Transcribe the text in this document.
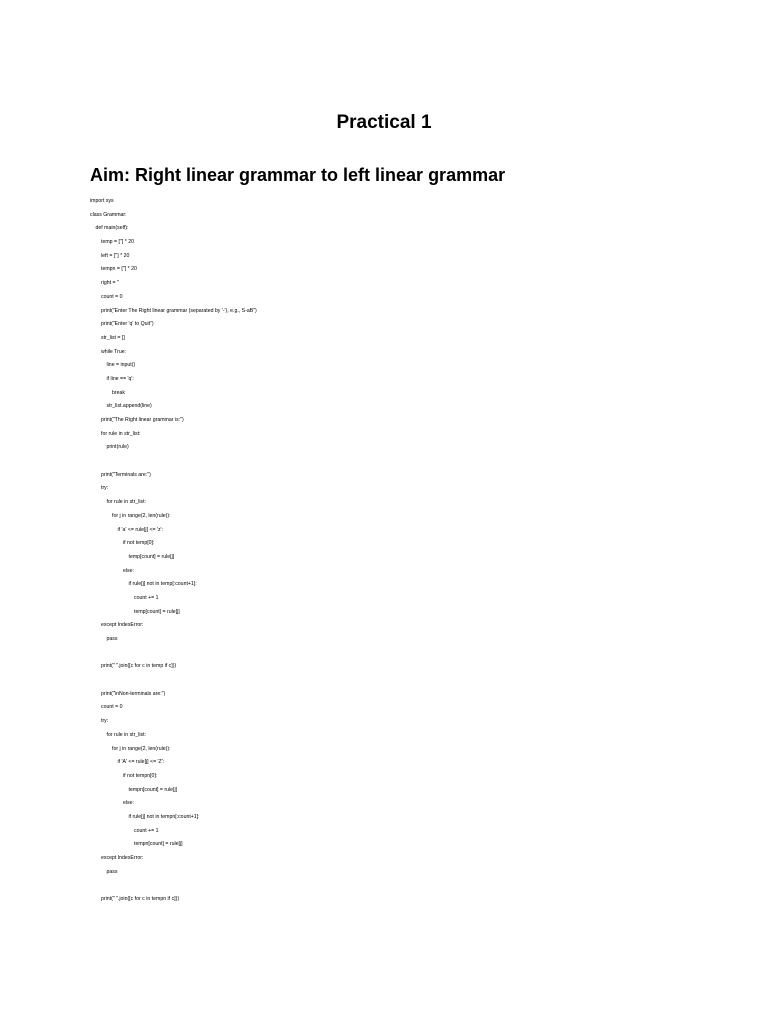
Practical 1
Aim: Right linear grammar to left linear grammar
import sys
class Grammar:
def main(self):
temp = [''] * 20
left = [''] * 20
tempn = [''] * 20
right = ''
count = 0
print("Enter The Right linear grammar (separated by '-'), e.g., S-aB")
print("Enter 'q' to Quit")
str_list = []
while True:
line = input()
if line == 'q':
break
str_list.append(line)
print("The Right linear grammar is:")
for rule in str_list:
print(rule)
print("Terminals are:")
try:
for rule in str_list:
for j in range(2, len(rule)):
if 'a' <= rule[j] <= 'z':
if not temp[0]:
temp[count] = rule[j]
else:
if rule[j] not in temp[:count+1]:
count += 1
temp[count] = rule[j]
except IndexError:
pass
print(" ".join([c for c in temp if c]))
print("\nNon-terminals are:")
count = 0
try:
for rule in str_list:
for j in range(2, len(rule)):
if 'A' <= rule[j] <= 'Z':
if not tempn[0]:
tempn[count] = rule[j]
else:
if rule[j] not in tempn[:count+1]:
count += 1
tempn[count] = rule[j]
except IndexError:
pass
print(" ".join([c for c in tempn if c]))
